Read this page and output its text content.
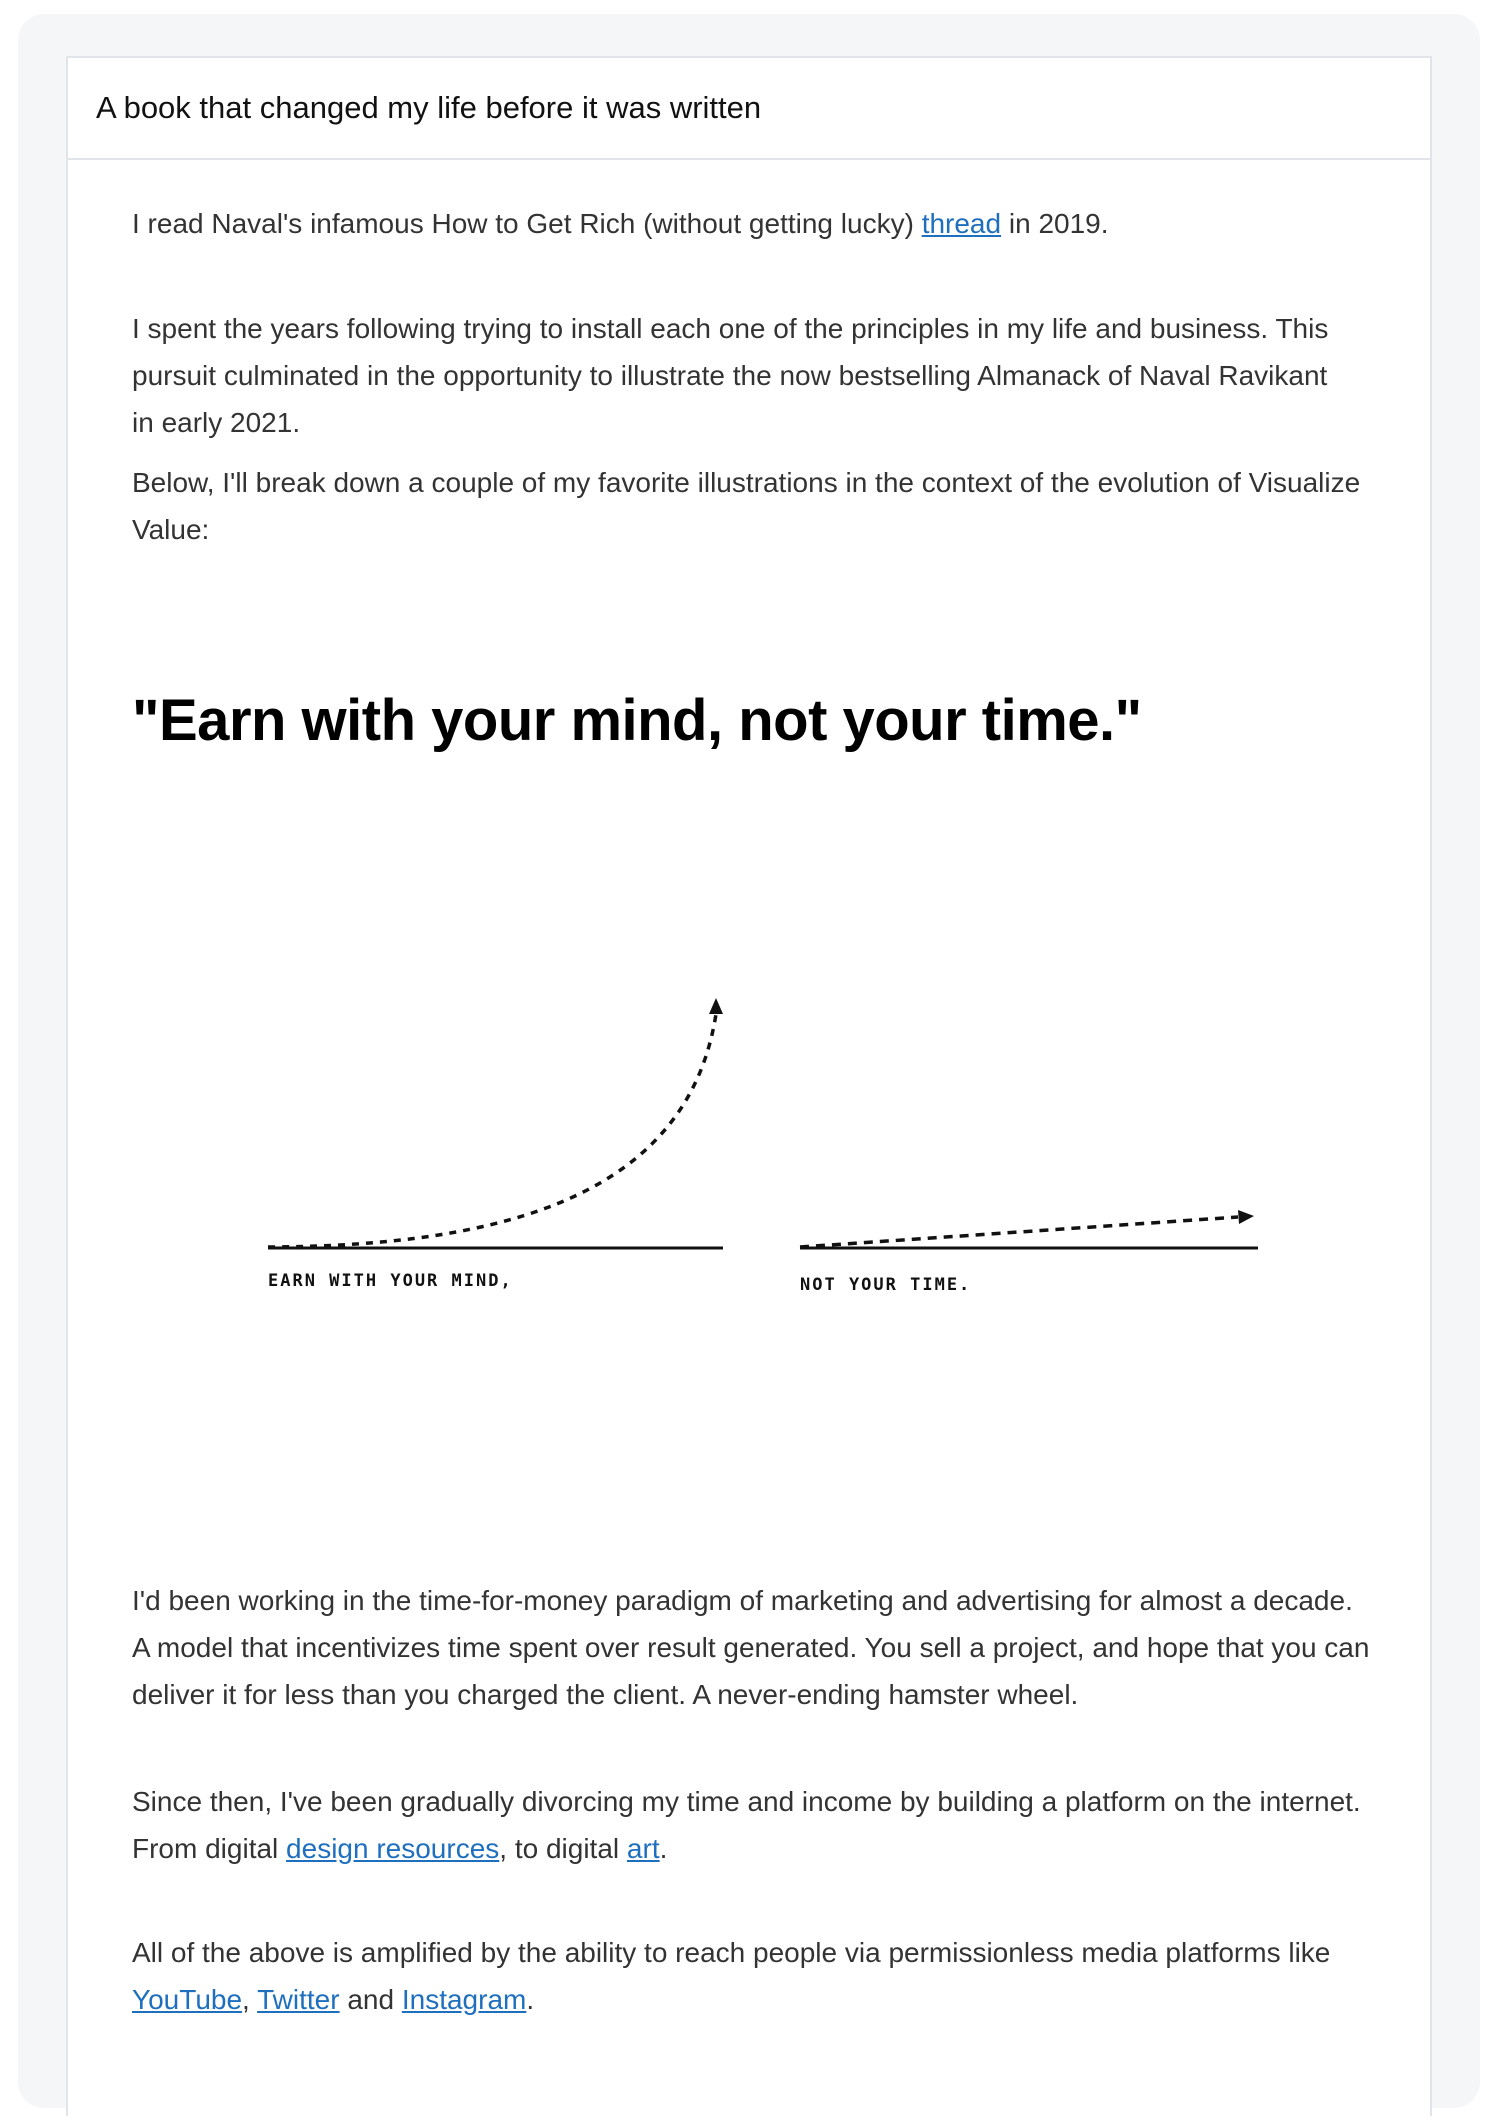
A book that changed my life before it was written

I read Naval's infamous How to Get Rich (without getting lucky) thread in 2019.

I spent the years following trying to install each one of the principles in my life and business. This pursuit culminated in the opportunity to illustrate the now bestselling Almanack of Naval Ravikant in early 2021.

Below, I'll break down a couple of my favorite illustrations in the context of the evolution of Visualize Value:

"Earn with your mind, not your time."

I'd been working in the time-for-money paradigm of marketing and advertising for almost a decade. A model that incentivizes time spent over result generated. You sell a project, and hope that you can deliver it for less than you charged the client. A never-ending hamster wheel.

Since then, I've been gradually divorcing my time and income by building a platform on the internet. From digital design resources, to digital art.

All of the above is amplified by the ability to reach people via permissionless media platforms like YouTube, Twitter and Instagram.

EARN WITH YOUR MIND,	NOT YOUR TIME.
